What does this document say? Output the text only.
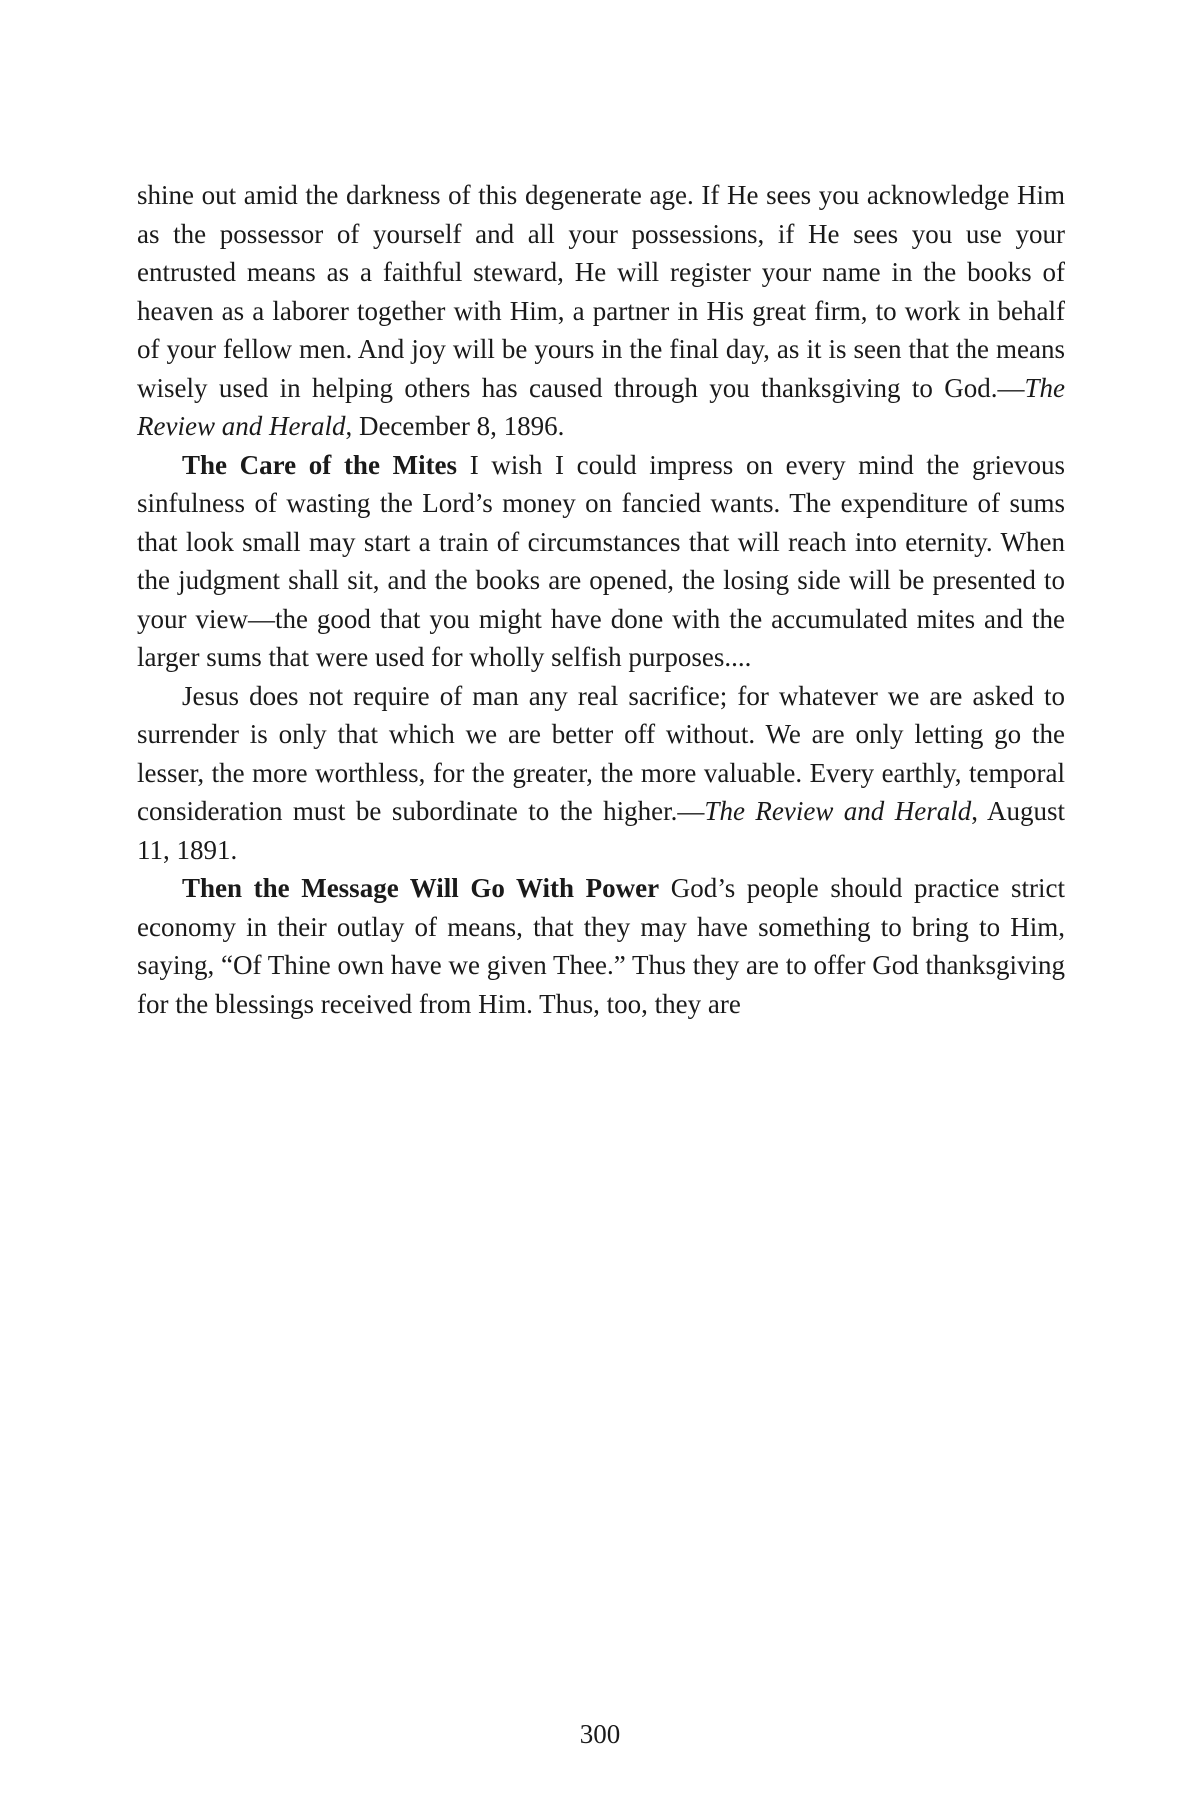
shine out amid the darkness of this degenerate age. If He sees you acknowledge Him as the possessor of yourself and all your possessions, if He sees you use your entrusted means as a faithful steward, He will register your name in the books of heaven as a laborer together with Him, a partner in His great firm, to work in behalf of your fellow men. And joy will be yours in the final day, as it is seen that the means wisely used in helping others has caused through you thanksgiving to God.—The Review and Herald, December 8, 1896.

The Care of the Mites I wish I could impress on every mind the grievous sinfulness of wasting the Lord’s money on fancied wants. The expenditure of sums that look small may start a train of circumstances that will reach into eternity. When the judgment shall sit, and the books are opened, the losing side will be presented to your view—the good that you might have done with the accumulated mites and the larger sums that were used for wholly selfish purposes....

Jesus does not require of man any real sacrifice; for whatever we are asked to surrender is only that which we are better off without. We are only letting go the lesser, the more worthless, for the greater, the more valuable. Every earthly, temporal consideration must be subordinate to the higher.—The Review and Herald, August 11, 1891.

Then the Message Will Go With Power God’s people should practice strict economy in their outlay of means, that they may have something to bring to Him, saying, “Of Thine own have we given Thee.” Thus they are to offer God thanksgiving for the blessings received from Him. Thus, too, they are

300
